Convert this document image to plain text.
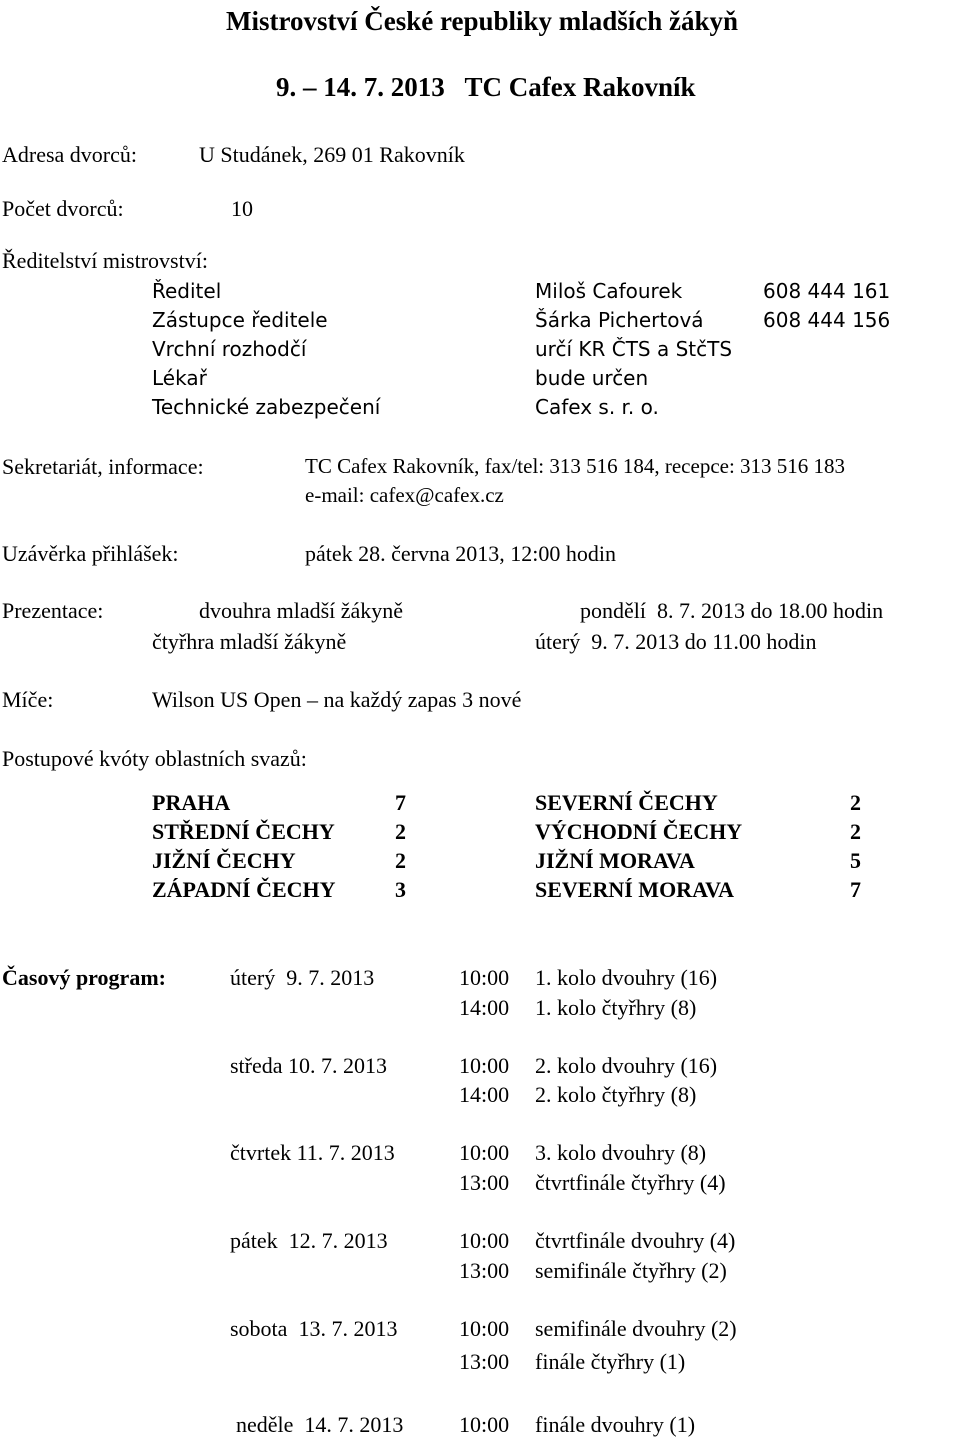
Mistrovství České republiky mladších žákyň
9. – 14. 7. 2013   TC Cafex Rakovník
Adresa dvorců:	U Studánek, 269 01 Rakovník
Počet dvorců:	10
Ředitelství mistrovství:
Ředitel	Miloš Cafourek	608 444 161
Zástupce ředitele	Šárka Pichertová	608 444 156
Vrchní rozhodčí	určí KR ČTS a StčTS
Lékař	bude určen
Technické zabezpečení	Cafex s. r. o.
Sekretariát, informace:	TC Cafex Rakovník, fax/tel: 313 516 184, recepce: 313 516 183
e-mail: cafex@cafex.cz
Uzávěrka přihlášek:	pátek 28. června 2013, 12:00 hodin
Prezentace:	dvouhra mladší žákyně	pondělí  8. 7. 2013 do 18.00 hodin
čtyřhra mladší žákyně	úterý  9. 7. 2013 do 11.00 hodin
Míče:	Wilson US Open – na každý zapas 3 nové
Postupové kvóty oblastních svazů:
PRAHA	7	SEVERNÍ ČECHY	2
STŘEDNÍ ČECHY	2	VÝCHODNÍ ČECHY	2
JIŽNÍ ČECHY	2	JIŽNÍ MORAVA	5
ZÁPADNÍ ČECHY	3	SEVERNÍ MORAVA	7
Časový program:	úterý  9. 7. 2013	10:00 1. kolo dvouhry (16)
14:00 1. kolo čtyřhry (8)
středa 10. 7. 2013	10:00 2. kolo dvouhry (16)
14:00 2. kolo čtyřhry (8)
čtvrtek 11. 7. 2013	10:00 3. kolo dvouhry (8)
13:00 čtvrtfinále čtyřhry (4)
pátek  12. 7. 2013	10:00 čtvrtfinále dvouhry (4)
13:00 semifinále čtyřhry (2)
sobota  13. 7. 2013	10:00 semifinále dvouhry (2)
13:00 finále čtyřhry (1)
neděle  14. 7. 2013	10:00 finále dvouhry (1)
